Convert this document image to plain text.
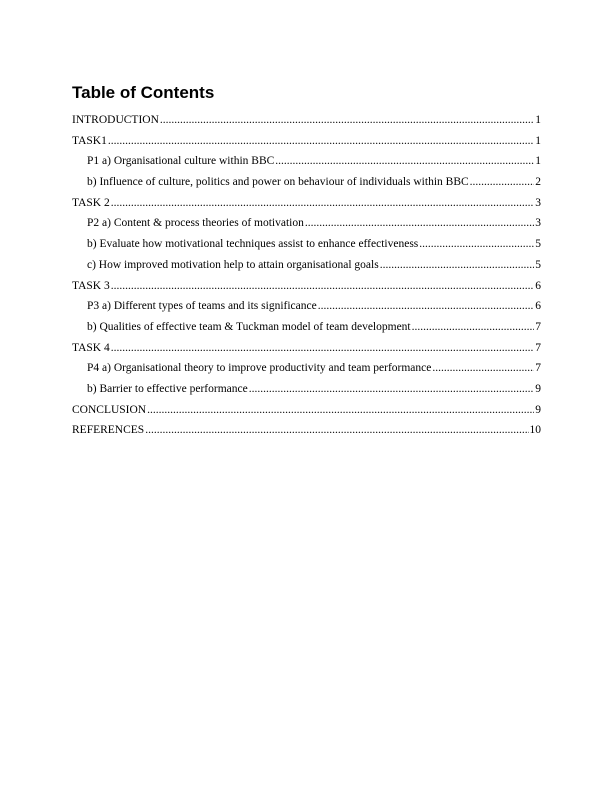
Table of Contents
INTRODUCTION .....	1
TASK1 .....	1
P1 a) Organisational culture within BBC .....	1
b) Influence of culture, politics and power on behaviour of individuals within BBC .....	2
TASK 2 .....	3
P2 a) Content & process theories of motivation .....	3
b) Evaluate how motivational techniques assist to enhance effectiveness .....	5
c) How improved motivation help to attain organisational goals .....	5
TASK 3 .....	6
P3 a) Different types of teams and its significance .....	6
b) Qualities of effective team & Tuckman model of team development .....	7
TASK 4 .....	7
P4 a) Organisational theory to improve productivity and team performance .....	7
b) Barrier to effective performance .....	9
CONCLUSION .....	9
REFERENCES .....	10
